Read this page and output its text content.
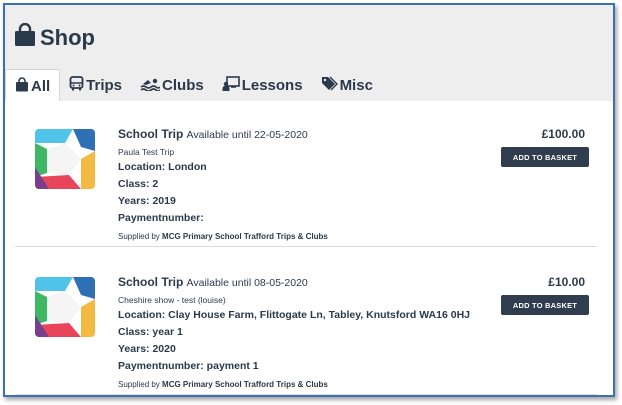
Shop
All Trips	Clubs	Lessons Misc
School Trip Available until 22-05-2020
Paula Test Trip
Location: London
Class: 2
Years: 2019
Paymentnumber:
Supplied by MCG Primary School Trafford Trips & Clubs
£100.00
ADD TO BASKET
School Trip Available until 08-05-2020
Cheshire show - test (louise)
Location: Clay House Farm, Flittogate Ln, Tabley, Knutsford WA16 0HJ
Class: year 1
Years: 2020
Paymentnumber: payment 1
Supplied by MCG Primary School Trafford Trips & Clubs
£10.00
ADD TO BASKET
